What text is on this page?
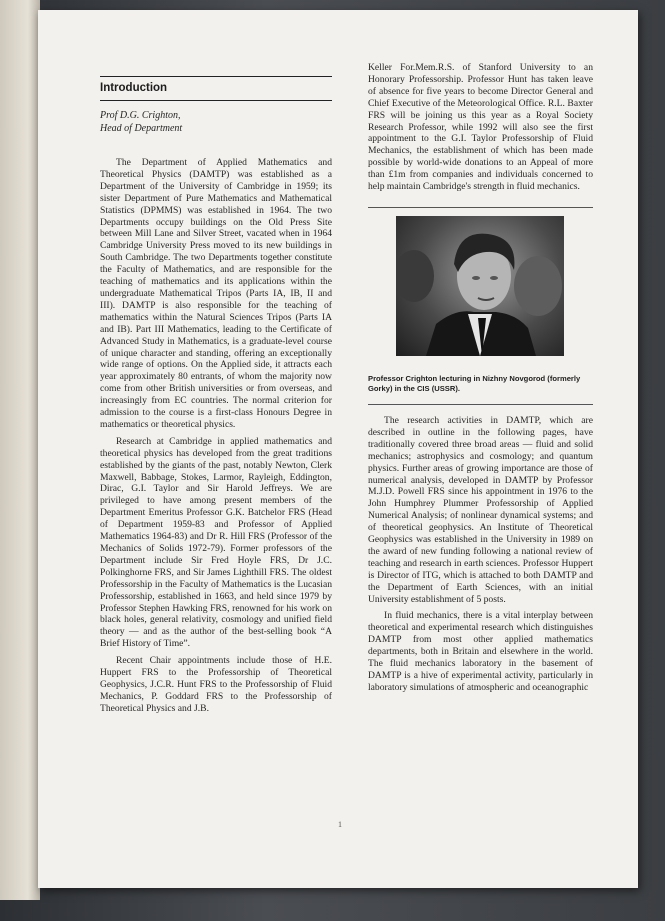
Introduction
Prof D.G. Crighton,
Head of Department

The Department of Applied Mathematics and Theoretical Physics (DAMTP) was established as a Department of the University of Cambridge in 1959; its sister Department of Pure Mathematics and Mathematical Statistics (DPMMS) was established in 1964. The two Departments occupy buildings on the Old Press Site between Mill Lane and Silver Street, vacated when in 1964 Cambridge University Press moved to its new buildings in South Cambridge. The two Departments together constitute the Faculty of Mathematics, and are responsible for the teaching of mathematics and its applications within the undergraduate Mathematical Tripos (Parts IA, IB, II and III). DAMTP is also responsible for the teaching of mathematics within the Natural Sciences Tripos (Parts IA and IB). Part III Mathematics, leading to the Certificate of Advanced Study in Mathematics, is a graduate-level course of unique character and standing, offering an exceptionally wide range of options. On the Applied side, it attracts each year approximately 80 entrants, of whom the majority now come from other British universities or from overseas, and increasingly from EC countries. The normal criterion for admission to the course is a first-class Honours Degree in mathematics or theoretical physics.

Research at Cambridge in applied mathematics and theoretical physics has developed from the great traditions established by the giants of the past, notably Newton, Clerk Maxwell, Babbage, Stokes, Larmor, Rayleigh, Eddington, Dirac, G.I. Taylor and Sir Harold Jeffreys. We are privileged to have among present members of the Department Emeritus Professor G.K. Batchelor FRS (Head of Department 1959-83 and Professor of Applied Mathematics 1964-83) and Dr R. Hill FRS (Professor of the Mechanics of Solids 1972-79). Former professors of the Department include Sir Fred Hoyle FRS, Dr J.C. Polkinghorne FRS, and Sir James Lighthill FRS. The oldest Professorship in the Faculty of Mathematics is the Lucasian Professorship, established in 1663, and held since 1979 by Professor Stephen Hawking FRS, renowned for his work on black holes, general relativity, cosmology and unified field theory — and as the author of the best-selling book “A Brief History of Time”.

Recent Chair appointments include those of H.E. Huppert FRS to the Professorship of Theoretical Geophysics, J.C.R. Hunt FRS to the Professorship of Fluid Mechanics, P. Goddard FRS to the Professorship of Theoretical Physics and J.B.

Keller For.Mem.R.S. of Stanford University to an Honorary Professorship. Professor Hunt has taken leave of absence for five years to become Director General and Chief Executive of the Meteorological Office. R.L. Baxter FRS will be joining us this year as a Royal Society Research Professor, while 1992 will also see the first appointment to the G.I. Taylor Professorship of Fluid Mechanics, the establishment of which has been made possible by world-wide donations to an Appeal of more than £1m from companies and individuals concerned to help maintain Cambridge's strength in fluid mechanics.

Professor Crighton lecturing in Nizhny Novgorod (formerly Gorky) in the CIS (USSR).

The research activities in DAMTP, which are described in outline in the following pages, have traditionally covered three broad areas — fluid and solid mechanics; astrophysics and cosmology; and quantum physics. Further areas of growing importance are those of numerical analysis, developed in DAMTP by Professor M.J.D. Powell FRS since his appointment in 1976 to the John Humphrey Plummer Professorship of Applied Numerical Analysis; of nonlinear dynamical systems; and of theoretical geophysics. An Institute of Theoretical Geophysics was established in the University in 1989 on the award of new funding following a national review of teaching and research in earth sciences. Professor Huppert is Director of ITG, which is attached to both DAMTP and the Department of Earth Sciences, with an initial University establishment of 5 posts.

In fluid mechanics, there is a vital interplay between theoretical and experimental research which distinguishes DAMTP from most other applied mathematics departments, both in Britain and elsewhere in the world. The fluid mechanics laboratory in the basement of DAMTP is a hive of experimental activity, particularly in laboratory simulations of atmospheric and oceanographic

1
